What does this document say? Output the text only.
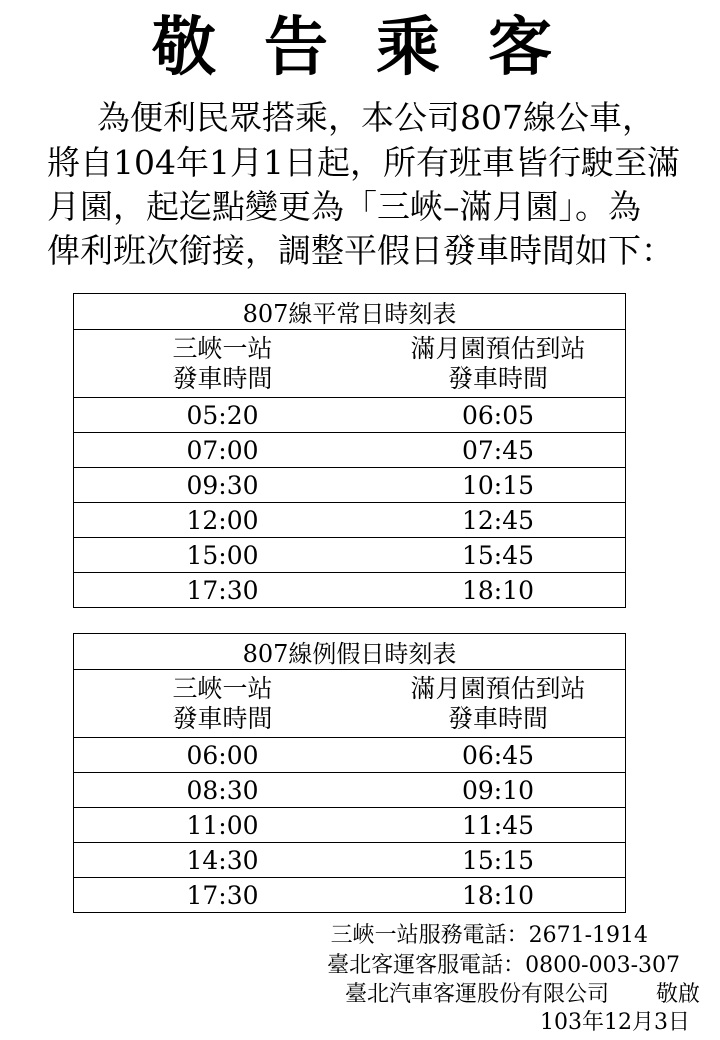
敬告乘客
為便利民眾搭乘，本公司807線公車，
將自104年1月1日起，所有班車皆行駛至滿
月園，起迄點變更為「三峽–滿月園」。為
俾利班次銜接，調整平假日發車時間如下：
807線平常日時刻表
三峽一站
發車時間
滿月園預估到站
發車時間
05:20	06:05
07:00	07:45
09:30	10:15
12:00	12:45
15:00	15:45
17:30	18:10
807線例假日時刻表
三峽一站
發車時間
滿月園預估到站
發車時間
06:00	06:45
08:30	09:10
11:00	11:45
14:30	15:15
17:30	18:10
三峽一站服務電話：2671-1914
臺北客運客服電話：0800-003-307
臺北汽車客運股份有限公司 敬啟
103年12月3日
